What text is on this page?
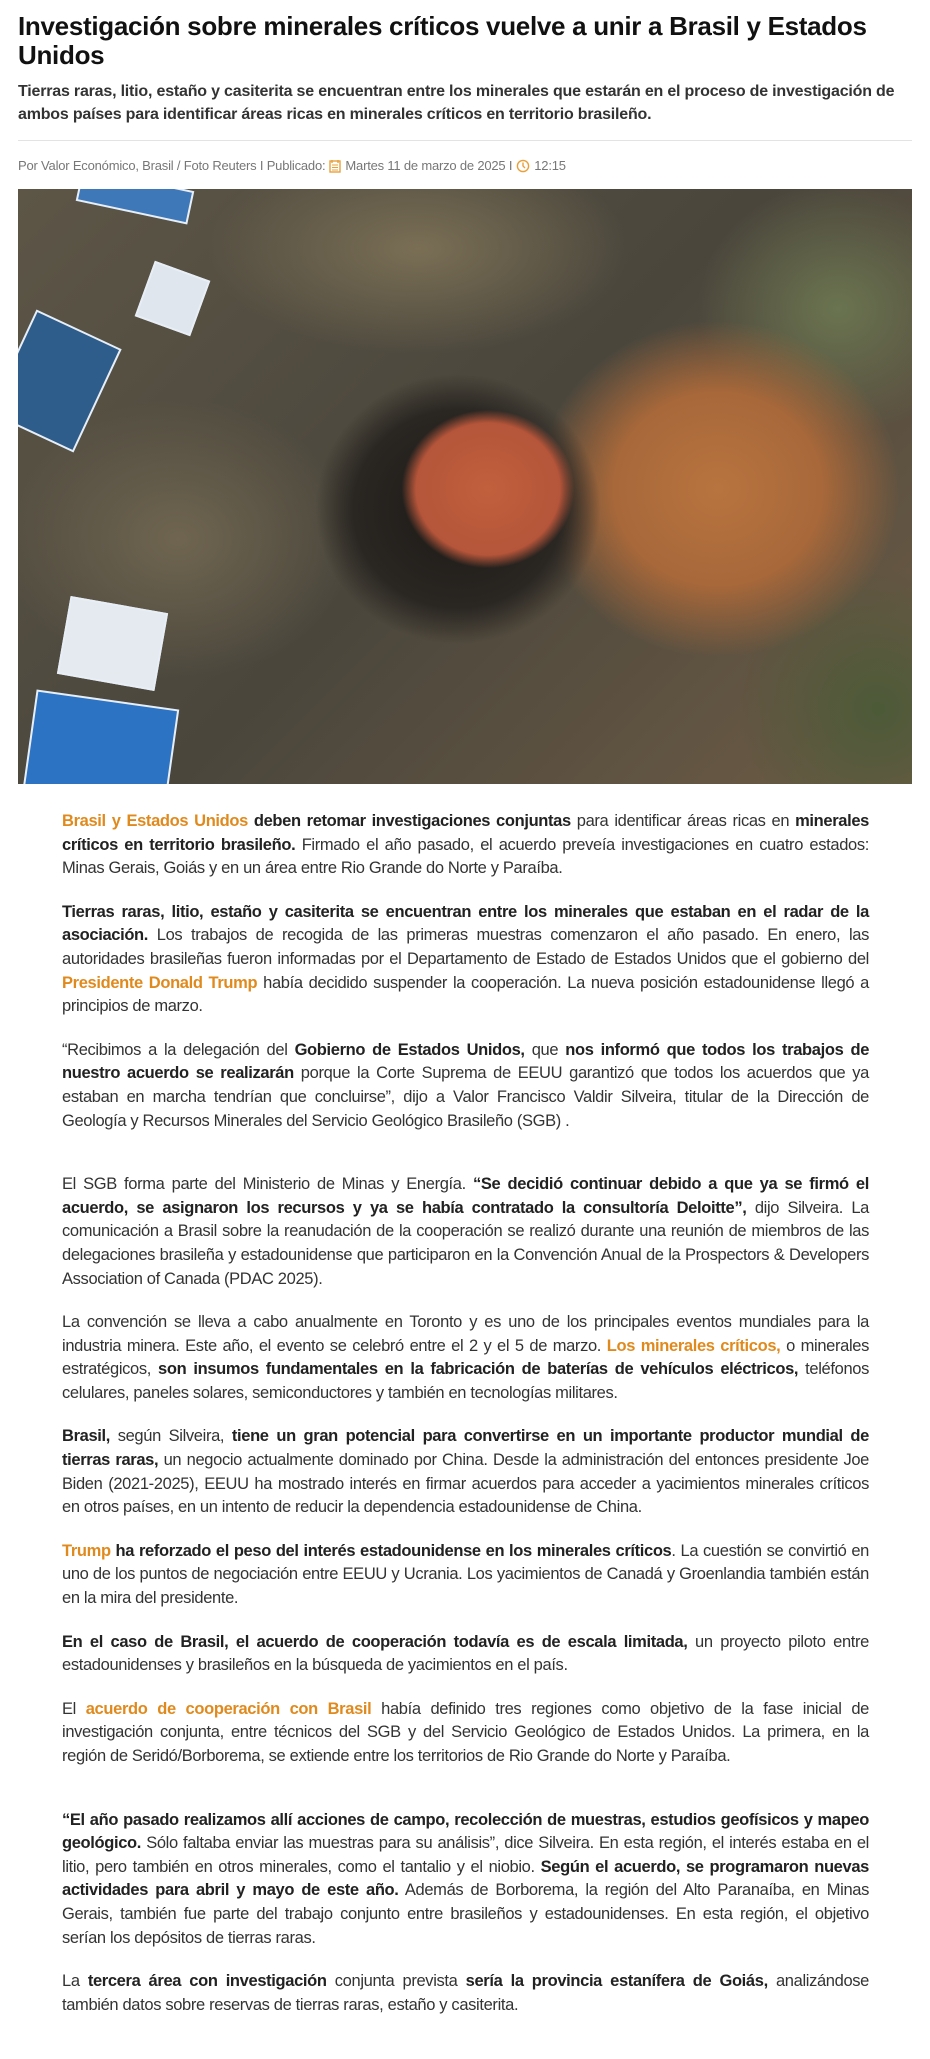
Investigación sobre minerales críticos vuelve a unir a Brasil y Estados Unidos

Tierras raras, litio, estaño y casiterita se encuentran entre los minerales que estarán en el proceso de investigación de ambos países para identificar áreas ricas en minerales críticos en territorio brasileño.

Por Valor Económico, Brasil / Foto Reuters I Publicado: Martes 11 de marzo de 2025 I 12:15

Brasil y Estados Unidos deben retomar investigaciones conjuntas para identificar áreas ricas en minerales críticos en territorio brasileño. Firmado el año pasado, el acuerdo preveía investigaciones en cuatro estados: Minas Gerais, Goiás y en un área entre Rio Grande do Norte y Paraíba.

Tierras raras, litio, estaño y casiterita se encuentran entre los minerales que estaban en el radar de la asociación. Los trabajos de recogida de las primeras muestras comenzaron el año pasado. En enero, las autoridades brasileñas fueron informadas por el Departamento de Estado de Estados Unidos que el gobierno del Presidente Donald Trump había decidido suspender la cooperación. La nueva posición estadounidense llegó a principios de marzo.

“Recibimos a la delegación del Gobierno de Estados Unidos, que nos informó que todos los trabajos de nuestro acuerdo se realizarán porque la Corte Suprema de EEUU garantizó que todos los acuerdos que ya estaban en marcha tendrían que concluirse”, dijo a Valor Francisco Valdir Silveira, titular de la Dirección de Geología y Recursos Minerales del Servicio Geológico Brasileño (SGB) .

El SGB forma parte del Ministerio de Minas y Energía. “Se decidió continuar debido a que ya se firmó el acuerdo, se asignaron los recursos y ya se había contratado la consultoría Deloitte”, dijo Silveira. La comunicación a Brasil sobre la reanudación de la cooperación se realizó durante una reunión de miembros de las delegaciones brasileña y estadounidense que participaron en la Convención Anual de la Prospectors & Developers Association of Canada (PDAC 2025).

La convención se lleva a cabo anualmente en Toronto y es uno de los principales eventos mundiales para la industria minera. Este año, el evento se celebró entre el 2 y el 5 de marzo. Los minerales críticos, o minerales estratégicos, son insumos fundamentales en la fabricación de baterías de vehículos eléctricos, teléfonos celulares, paneles solares, semiconductores y también en tecnologías militares.

Brasil, según Silveira, tiene un gran potencial para convertirse en un importante productor mundial de tierras raras, un negocio actualmente dominado por China. Desde la administración del entonces presidente Joe Biden (2021-2025), EEUU ha mostrado interés en firmar acuerdos para acceder a yacimientos minerales críticos en otros países, en un intento de reducir la dependencia estadounidense de China.

Trump ha reforzado el peso del interés estadounidense en los minerales críticos. La cuestión se convirtió en uno de los puntos de negociación entre EEUU y Ucrania. Los yacimientos de Canadá y Groenlandia también están en la mira del presidente.

En el caso de Brasil, el acuerdo de cooperación todavía es de escala limitada, un proyecto piloto entre estadounidenses y brasileños en la búsqueda de yacimientos en el país.

El acuerdo de cooperación con Brasil había definido tres regiones como objetivo de la fase inicial de investigación conjunta, entre técnicos del SGB y del Servicio Geológico de Estados Unidos. La primera, en la región de Seridó/Borborema, se extiende entre los territorios de Rio Grande do Norte y Paraíba.

“El año pasado realizamos allí acciones de campo, recolección de muestras, estudios geofísicos y mapeo geológico. Sólo faltaba enviar las muestras para su análisis”, dice Silveira. En esta región, el interés estaba en el litio, pero también en otros minerales, como el tantalio y el niobio. Según el acuerdo, se programaron nuevas actividades para abril y mayo de este año. Además de Borborema, la región del Alto Paranaíba, en Minas Gerais, también fue parte del trabajo conjunto entre brasileños y estadounidenses. En esta región, el objetivo serían los depósitos de tierras raras.

La tercera área con investigación conjunta prevista sería la provincia estanífera de Goiás, analizándose también datos sobre reservas de tierras raras, estaño y casiterita.
